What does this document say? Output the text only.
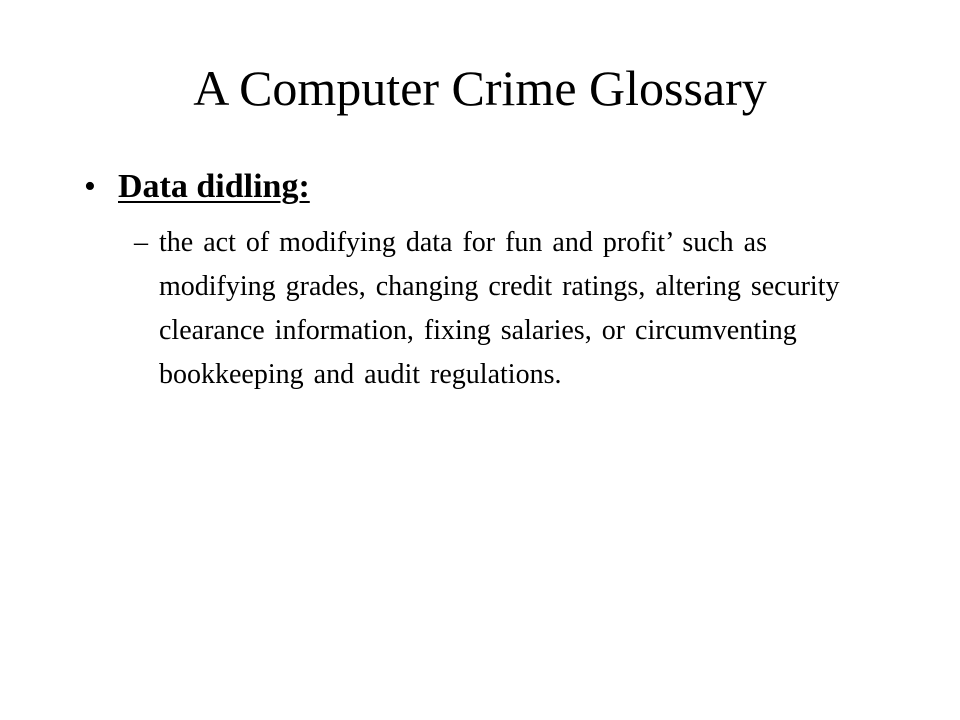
A Computer Crime Glossary
• Data didling:
– the act of modifying data for fun and profit’ such as modifying grades, changing credit ratings, altering security clearance information, fixing salaries, or circumventing bookkeeping and audit regulations.
